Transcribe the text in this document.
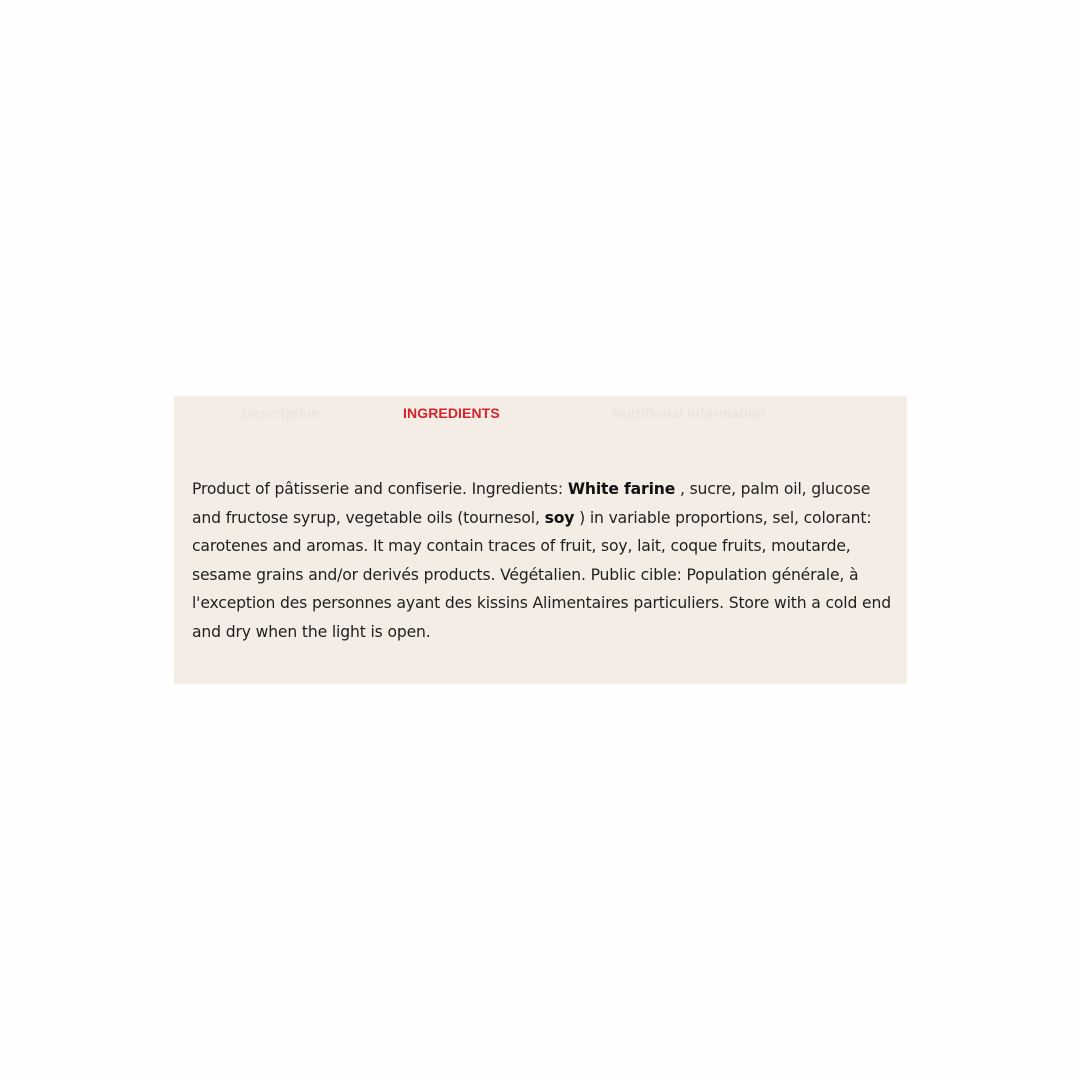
Description	INGREDIENTS	Nutritional information
Product of pâtisserie and confiserie. Ingredients: White farine , sucre, palm oil, glucose and fructose syrup, vegetable oils (tournesol, soy ) in variable proportions, sel, colorant: carotenes and aromas. It may contain traces of fruit, soy, lait, coque fruits, moutarde, sesame grains and/or derivés products. Végétalien. Public cible: Population générale, à l'exception des personnes ayant des kissins Alimentaires particuliers. Store with a cold end and dry when the light is open.
